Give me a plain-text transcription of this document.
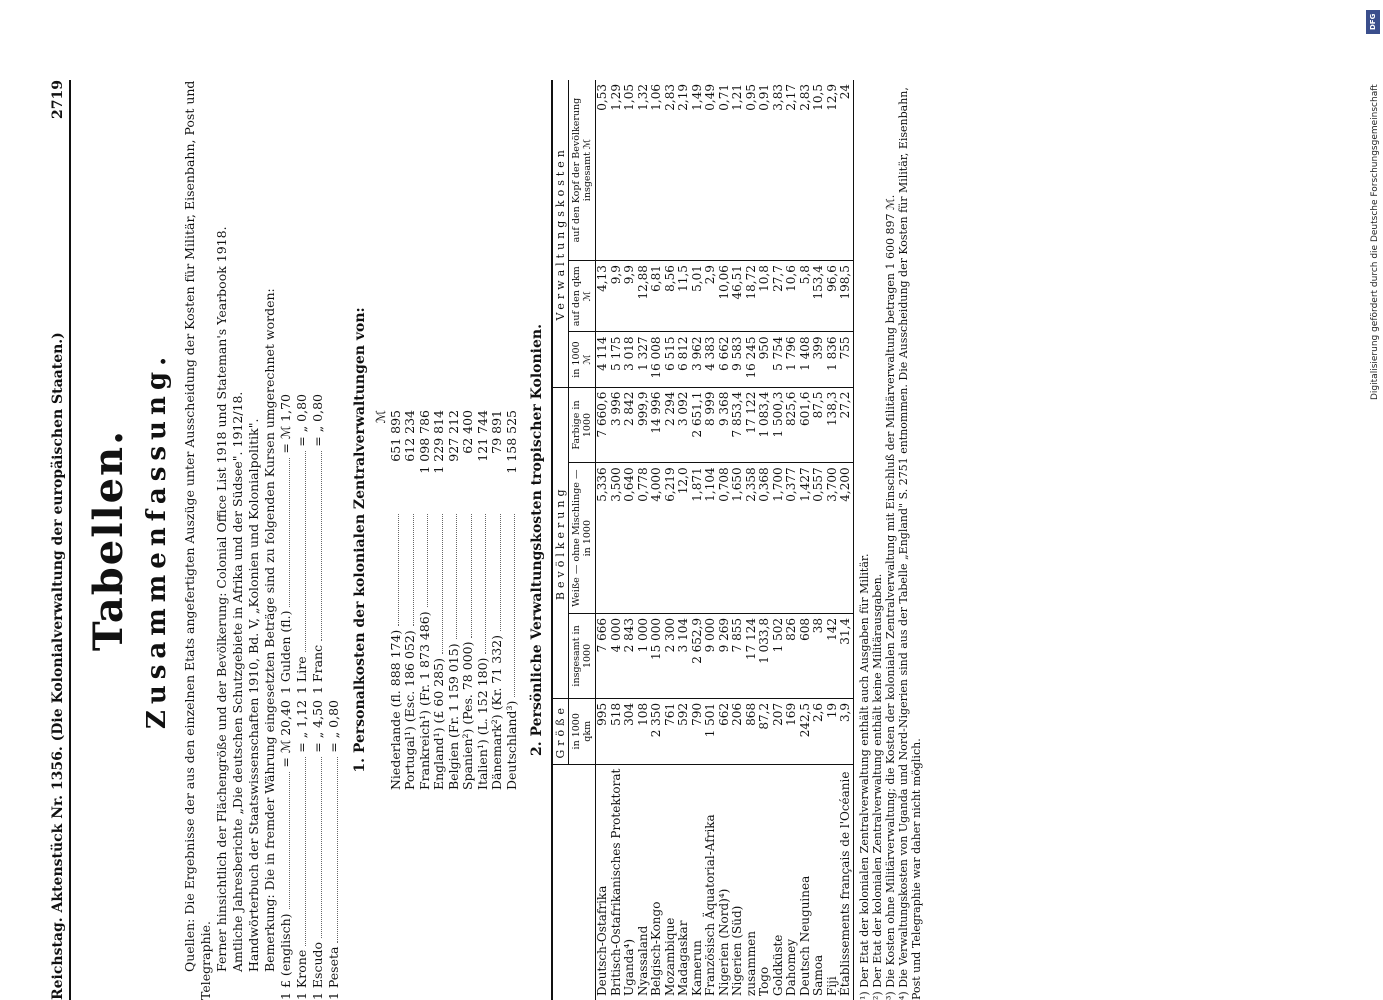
Reichstag. Aktenstück Nr. 1356. (Die Kolonialverwaltung der europäischen Staaten.)
2719
Tabellen. Zusammenfassung. Quellen: Die Ergebnisse der aus den einzelnen Etats angefertigten Auszüge unter Ausscheidung der Kosten für Militär, Eisenbahn, Post und Telegraphie. Ferner hinsichtlich der Flächengröße und der Bevölkerung: Colonial Office List 1918 und Stateman's Yearbook 1918. Amtliche Jahresberichte „Die deutschen Schutzgebiete in Afrika und der Südsee". 1912/18. Handwörterbuch der Staatswissenschaften 1910, Bd. V, „Kolonien und Kolonialpolitik". Bemerkung: Die in fremder Währung eingesetzten Beträge sind zu folgenden Kursen umgerechnet worden: 1 £ (englisch)
= ℳ 20,40
1 Gulden (fl.)
= ℳ 1,70
1 Krone
= „ 1,12
1 Lire
= „ 0,80
1 Escudo
= „ 4,50
1 Franc
= „ 0,80
1 Peseta
= „ 0,80 1. Personalkosten der kolonialen Zentralverwaltungen von: ℳ
Niederlande (fl. 888 174)
651 895
Portugal¹) (Esc. 186 052)
612 234
Frankreich¹) (Fr. 1 873 486)
1 098 786
England¹) (£ 60 285)
1 229 814
Belgien (Fr. 1 159 015)
927 212
Spanien²) (Pes. 78 000)
62 400
Italien¹) (L. 152 180)
121 744
Dänemark²) (Kr. 71 332)
79 891
Deutschland³)
1 158 525 2. Persönliche Verwaltungskosten tropischer Kolonien.
	Größe	Bevölkerung			Verwaltungskosten		
	in 1000 qkm	insgesamt in 1000	Weiße — ohne Mischlinge — in 1000	Farbige in 1000	in 1000 ℳ	auf den qkm ℳ	auf den Kopf der Bevölkerung insgesamt ℳ
Deutsch-Ostafrika	995	7 666	5,336	7 660,6	4 114	4,13	0,53
Britisch-Ostafrikanisches Protektorat	518	4 000	3,500	3 996	5 175	9,9	1,29
Uganda⁴)	304	2 843	0,640	2 842	3 018	9,9	1,05
Nyassaland	108	1 000	0,778	999,9	1 327	12,88	1,32
Belgisch-Kongo	2 350	15 000	4,000	14 996	16 008	6,81	1,06
Mozambique	761	2 300	6,219	2 294	6 515	8,56	2,83
Madagaskar	592	3 104	12,0	3 092	6 812	11,5	2,19
Kamerun	790	2 652,9	1,871	2 651,1	3 962	5,01	1,49
Französisch Äquatorial-Afrika	1 501	9 000	1,104	8 999	4 383	2,9	0,49
Nigerien (Nord)⁴)	662	9 269	0,708	9 368	6 662	10,06	0,71
Nigerien (Süd)	206	7 855	1,650	7 853,4	9 583	46,51	1,21
zusammen	868	17 124	2,358	17 122	16 245	18,72	0,95
Togo	87,2	1 033,8	0,368	1 083,4	950	10,8	0,91
Goldküste	207	1 502	1,700	1 500,3	5 754	27,7	3,83
Dahomey	169	826	0,377	825,6	1 796	10,6	2,17
Deutsch Neuguinea	242,5	608	1,427	601,6	1 408	5,8	2,83
Samoa	2,6	38	0,557	87,5	399	153,4	10,5
Fiji	19	142	3,700	138,3	1 836	96,6	12,9
Établissements français de l'Océanie	3,9	31,4	4,200	27,2	755	198,5	24
¹) Der Etat der kolonialen Zentralverwaltung enthält auch Ausgaben für Militär. ²) Der Etat der kolonialen Zentralverwaltung enthält keine Militärausgaben. ³) Die Kosten ohne Militärverwaltung; die Kosten der kolonialen Zentralverwaltung mit Einschluß der Militärverwaltung betragen 1 600 897 ℳ. ⁴) Die Verwaltungskosten von Uganda und Nord-Nigerien sind aus der Tabelle „England" S. 2751 entnommen. Die Ausscheidung der Kosten für Militär, Eisenbahn, Post und Telegraphie war daher nicht möglich.
DFG
Digitalisierung gefördert durch die Deutsche Forschungsgemeinschaft
